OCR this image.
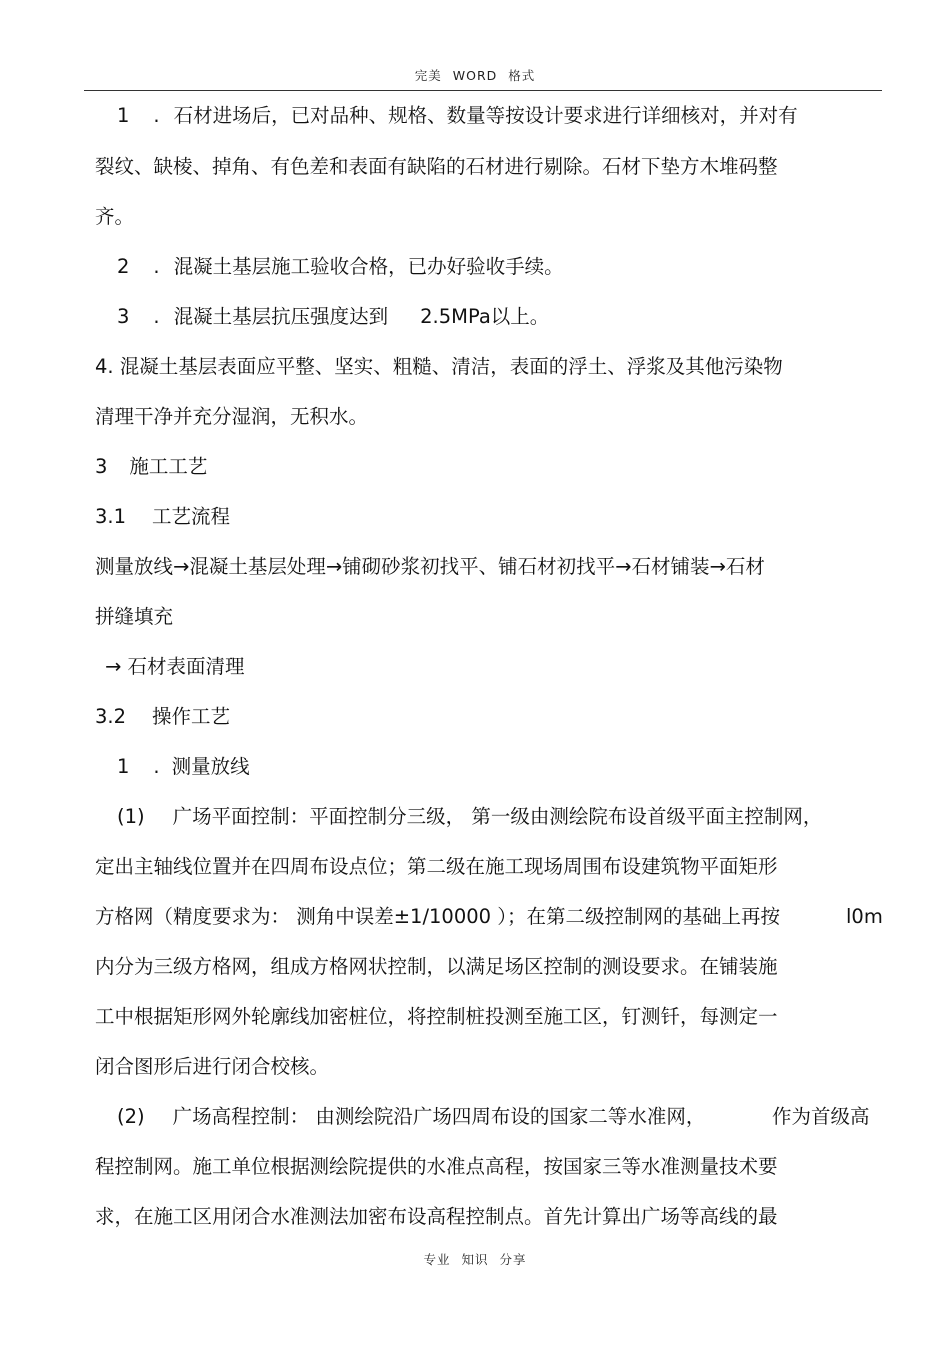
完美 WORD 格式
1 . 石材进场后，已对品种、规格、数量等按设计要求进行详细核对，并对有
裂纹、缺棱、掉角、有色差和表面有缺陷的石材进行剔除。石材下垫方木堆码整
齐。
2 . 混凝土基层施工验收合格，已办好验收手续。
3 . 混凝土基层抗压强度达到 2.5MPa以上。
4. 混凝土基层表面应平整、坚实、粗糙、清洁，表面的浮土、浮浆及其他污染物
清理干净并充分湿润，无积水。
3 施工工艺
3.1 工艺流程
测量放线→混凝土基层处理→铺砌砂浆初找平、铺石材初找平→石材铺装→石材
拼缝填充
→ 石材表面清理
3.2 操作工艺
1 . 测量放线
(1) 广场平面控制：平面控制分三级， 第一级由测绘院布设首级平面主控制网，
定出主轴线位置并在四周布设点位；第二级在施工现场周围布设建筑物平面矩形
方格网（精度要求为： 测角中误差±1/10000 ）；在第二级控制网的基础上再按	l0m
内分为三级方格网，组成方格网状控制，以满足场区控制的测设要求。在铺装施
工中根据矩形网外轮廓线加密桩位，将控制桩投测至施工区，钉测钎，每测定一
闭合图形后进行闭合校核。
(2) 广场高程控制： 由测绘院沿广场四周布设的国家二等水准网，	作为首级高
程控制网。施工单位根据测绘院提供的水准点高程，按国家三等水准测量技术要
求，在施工区用闭合水准测法加密布设高程控制点。首先计算出广场等高线的最
专业 知识 分享
